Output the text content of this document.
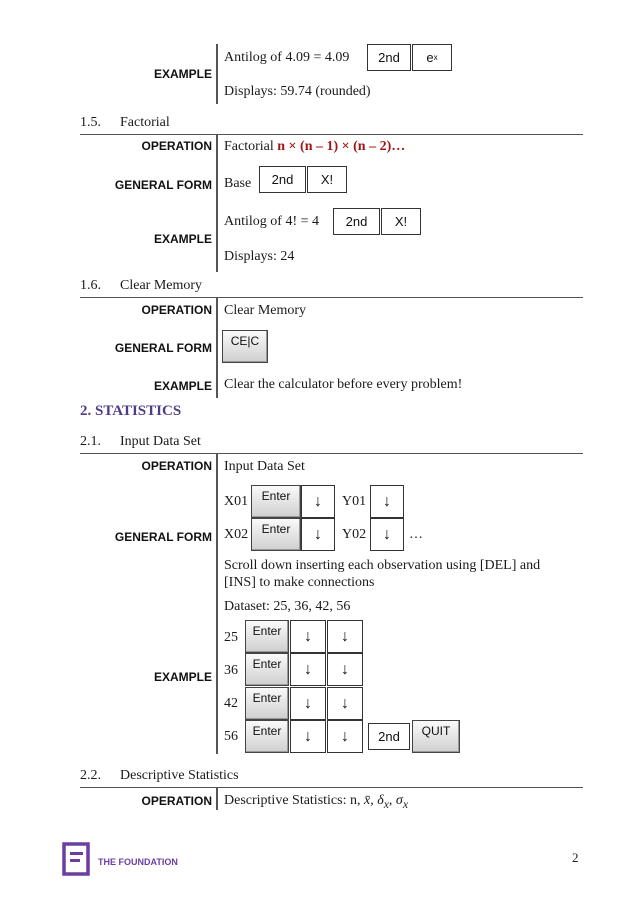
EXAMPLE
Antilog of 4.09 = 4.09	2nd	e x
Displays: 59.74 (rounded)
1.5. Factorial
OPERATION Factorial n × (n – 1) × (n – 2)…
GENERAL FORM Base	2nd	X!
EXAMPLE
Antilog of 4! = 4	2nd	X!
Displays: 24
1.6. Clear Memory
OPERATION Clear Memory
GENERAL FORM	CE|C
EXAMPLE Clear the calculator before every problem!
2. STATISTICS
2.1. Input Data Set
OPERATION Input Data Set
GENERAL FORM
X01	Enter	↓	Y01	↓
X02	Enter	↓	Y02	↓	…
Scroll down inserting each observation using [DEL] and
[INS] to make connections
EXAMPLE
Dataset: 25, 36, 42, 56
25	Enter	↓	↓
36	Enter	↓	↓
42	Enter	↓	↓
56	Enter	↓	↓	2nd	QUIT
2.2. Descriptive Statistics
OPERATION Descriptive Statistics: n, x̄, $\delta_x$, $\sigma_x$
THE FOUNDATION	2
